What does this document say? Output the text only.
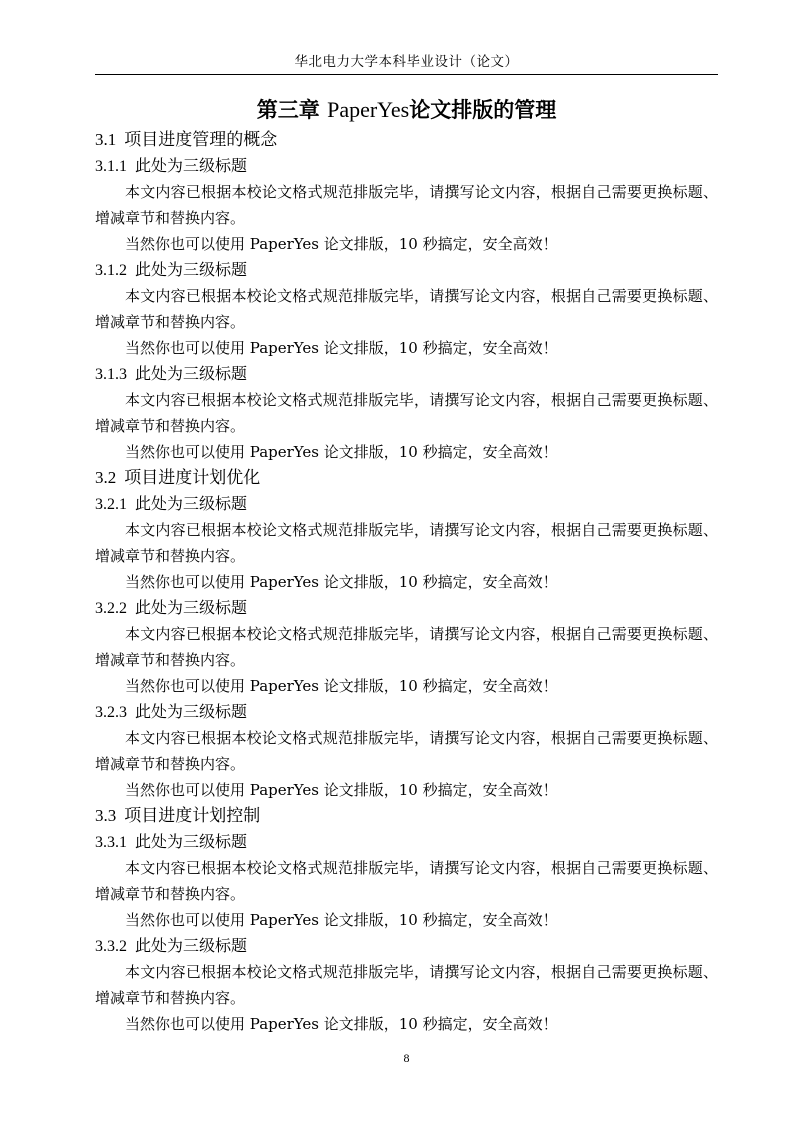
华北电力大学本科毕业设计（论文）
第三章 PaperYes论文排版的管理
3.1 项目进度管理的概念
3.1.1 此处为三级标题

本文内容已根据本校论文格式规范排版完毕，请撰写论文内容，根据自己需要更换标题、增减章节和替换内容。

当然你也可以使用 PaperYes 论文排版，10 秒搞定，安全高效！

3.1.2 此处为三级标题

本文内容已根据本校论文格式规范排版完毕，请撰写论文内容，根据自己需要更换标题、增减章节和替换内容。

当然你也可以使用 PaperYes 论文排版，10 秒搞定，安全高效！

3.1.3 此处为三级标题

本文内容已根据本校论文格式规范排版完毕，请撰写论文内容，根据自己需要更换标题、增减章节和替换内容。

当然你也可以使用 PaperYes 论文排版，10 秒搞定，安全高效！

3.2 项目进度计划优化
3.2.1 此处为三级标题

本文内容已根据本校论文格式规范排版完毕，请撰写论文内容，根据自己需要更换标题、增减章节和替换内容。

当然你也可以使用 PaperYes 论文排版，10 秒搞定，安全高效！

3.2.2 此处为三级标题

本文内容已根据本校论文格式规范排版完毕，请撰写论文内容，根据自己需要更换标题、增减章节和替换内容。

当然你也可以使用 PaperYes 论文排版，10 秒搞定，安全高效！

3.2.3 此处为三级标题

本文内容已根据本校论文格式规范排版完毕，请撰写论文内容，根据自己需要更换标题、增减章节和替换内容。

当然你也可以使用 PaperYes 论文排版，10 秒搞定，安全高效！

3.3 项目进度计划控制
3.3.1 此处为三级标题

本文内容已根据本校论文格式规范排版完毕，请撰写论文内容，根据自己需要更换标题、增减章节和替换内容。

当然你也可以使用 PaperYes 论文排版，10 秒搞定，安全高效！

3.3.2 此处为三级标题

本文内容已根据本校论文格式规范排版完毕，请撰写论文内容，根据自己需要更换标题、增减章节和替换内容。

当然你也可以使用 PaperYes 论文排版，10 秒搞定，安全高效！

8
